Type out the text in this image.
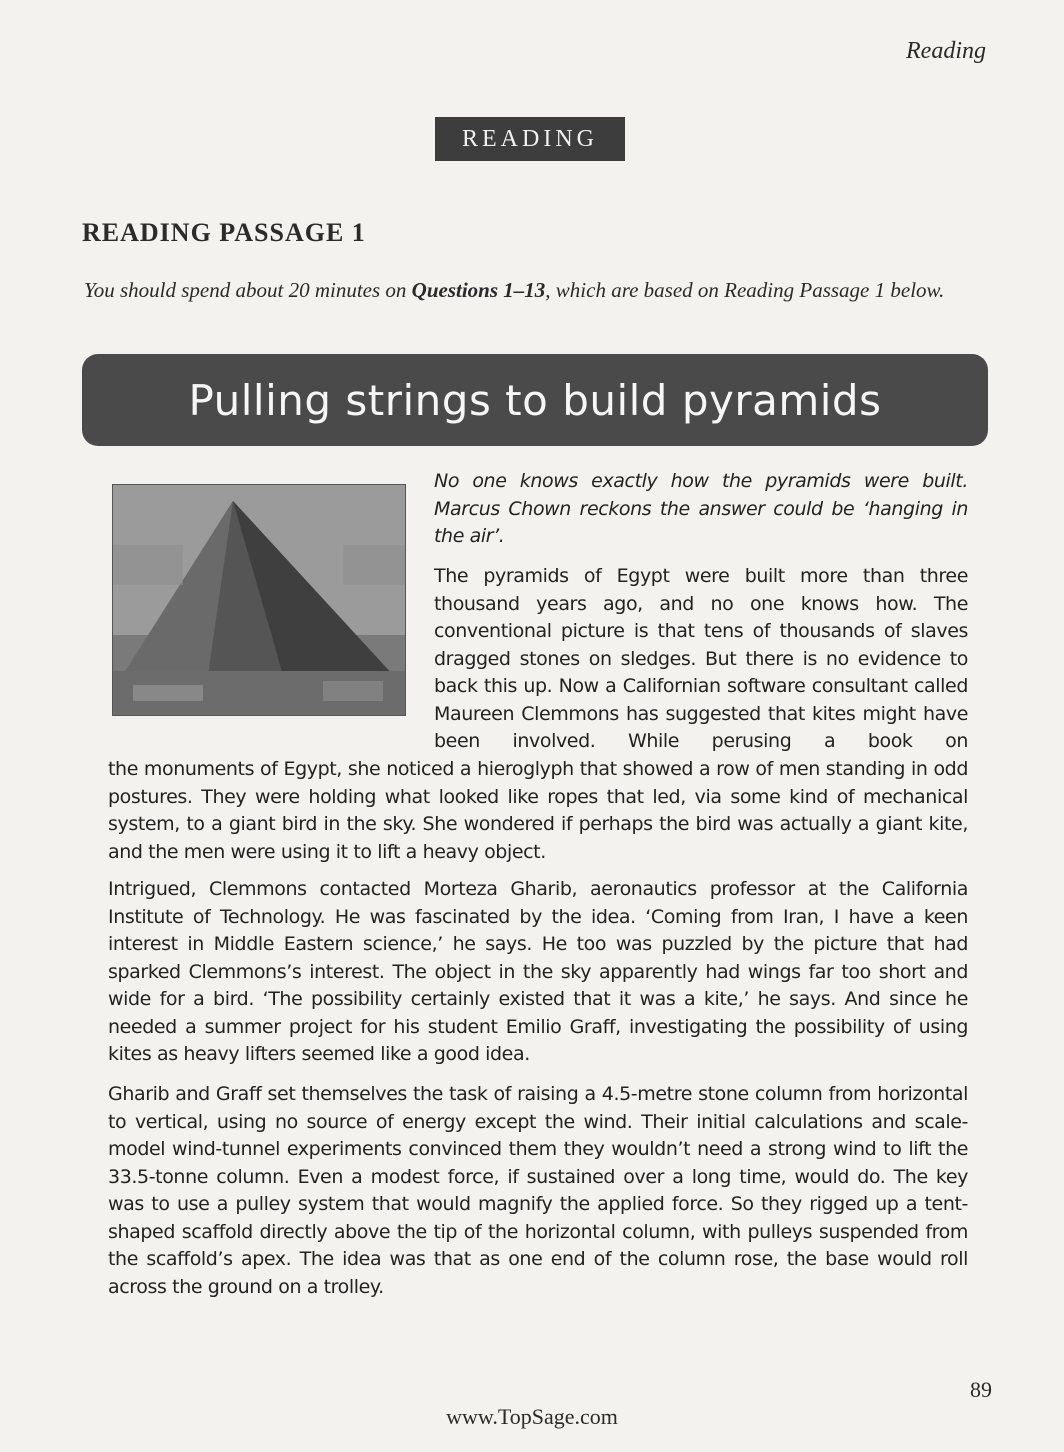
Reading
READING
READING PASSAGE 1
You should spend about 20 minutes on Questions 1–13, which are based on Reading Passage 1 below.
Pulling strings to build pyramids
No one knows exactly how the pyramids were built. Marcus Chown reckons the answer could be ‘hanging in the air’.
The pyramids of Egypt were built more than three thousand years ago, and no one knows how. The conventional picture is that tens of thousands of slaves dragged stones on sledges. But there is no evidence to back this up. Now a Californian software consultant called Maureen Clemmons has suggested that kites might have been involved. While perusing a book on
the monuments of Egypt, she noticed a hieroglyph that showed a row of men standing in odd postures. They were holding what looked like ropes that led, via some kind of mechanical system, to a giant bird in the sky. She wondered if perhaps the bird was actually a giant kite, and the men were using it to lift a heavy object.
Intrigued, Clemmons contacted Morteza Gharib, aeronautics professor at the California Institute of Technology. He was fascinated by the idea. ‘Coming from Iran, I have a keen interest in Middle Eastern science,’ he says. He too was puzzled by the picture that had sparked Clemmons’s interest. The object in the sky apparently had wings far too short and wide for a bird. ‘The possibility certainly existed that it was a kite,’ he says. And since he needed a summer project for his student Emilio Graff, investigating the possibility of using kites as heavy lifters seemed like a good idea.
Gharib and Graff set themselves the task of raising a 4.5-metre stone column from horizontal to vertical, using no source of energy except the wind. Their initial calculations and scale-model wind-tunnel experiments convinced them they wouldn’t need a strong wind to lift the 33.5-tonne column. Even a modest force, if sustained over a long time, would do. The key was to use a pulley system that would magnify the applied force. So they rigged up a tent-shaped scaffold directly above the tip of the horizontal column, with pulleys suspended from the scaffold’s apex. The idea was that as one end of the column rose, the base would roll across the ground on a trolley.
89
www.TopSage.com
